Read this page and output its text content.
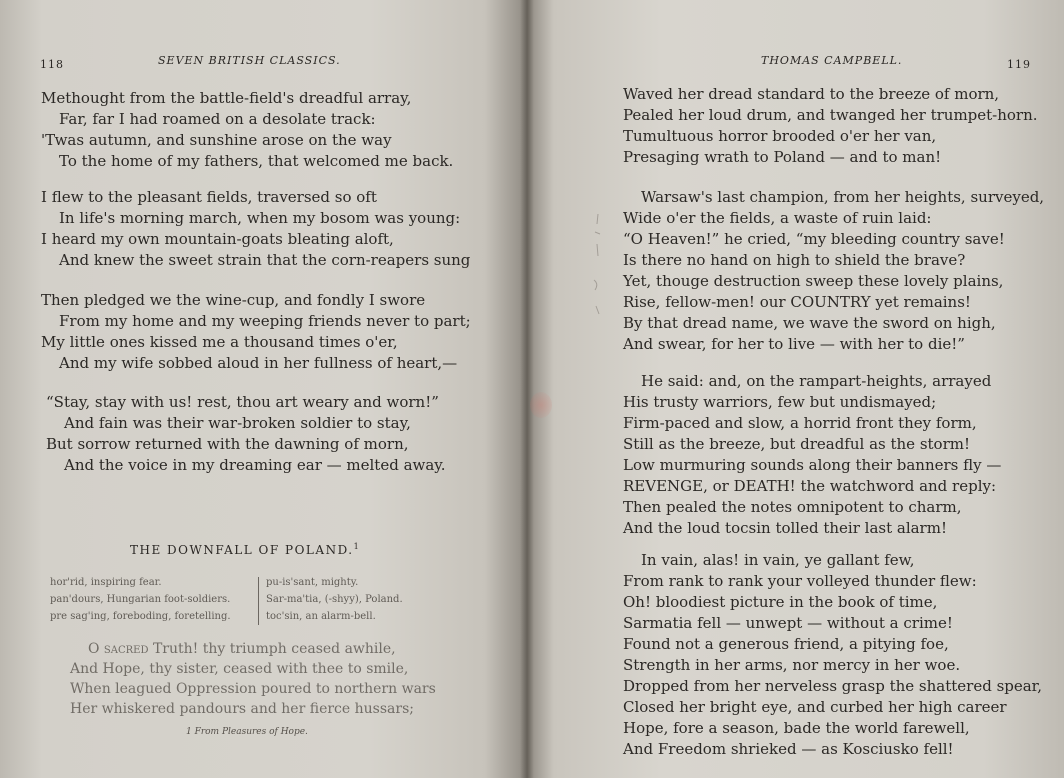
118	SEVEN BRITISH CLASSICS.
Methought from the battle-field's dreadful array,
Far, far I had roamed on a desolate track:
'Twas autumn, and sunshine arose on the way
To the home of my fathers, that welcomed me back.
I flew to the pleasant fields, traversed so oft
In life's morning march, when my bosom was young:
I heard my own mountain-goats bleating aloft,
And knew the sweet strain that the corn-reapers sung
Then pledged we the wine-cup, and fondly I swore
From my home and my weeping friends never to part;
My little ones kissed me a thousand times o'er,
And my wife sobbed aloud in her fullness of heart,—
“Stay, stay with us! rest, thou art weary and worn!”
And fain was their war-broken soldier to stay,
But sorrow returned with the dawning of morn,
And the voice in my dreaming ear — melted away.
THE DOWNFALL OF POLAND.$^1$
hor'rid, inspiring fear.
pan'dours, Hungarian foot-soldiers.
pre sag'ing, foreboding, foretelling.
pu-is'sant, mighty.
Sar-ma'tia, (-shyy), Poland.
toc'sin, an alarm-bell.
O sacred Truth! thy triumph ceased awhile,
And Hope, thy sister, ceased with thee to smile,
When leagued Oppression poured to northern wars
Her whiskered pandours and her fierce hussars;
1 From Pleasures of Hope.
THOMAS CAMPBELL.	119
Waved her dread standard to the breeze of morn,
Pealed her loud drum, and twanged her trumpet-horn.
Tumultuous horror brooded o'er her van,
Presaging wrath to Poland — and to man!
Warsaw's last champion, from her heights, surveyed,
Wide o'er the fields, a waste of ruin laid:
“O Heaven!” he cried, “my bleeding country save!
Is there no hand on high to shield the brave?
Yet, thouge destruction sweep these lovely plains,
Rise, fellow-men! our COUNTRY yet remains!
By that dread name, we wave the sword on high,
And swear, for her to live — with her to die!”
He said: and, on the rampart-heights, arrayed
His trusty warriors, few but undismayed;
Firm-paced and slow, a horrid front they form,
Still as the breeze, but dreadful as the storm!
Low murmuring sounds along their banners fly —
REVENGE, or DEATH! the watchword and reply:
Then pealed the notes omnipotent to charm,
And the loud tocsin tolled their last alarm!
In vain, alas! in vain, ye gallant few,
From rank to rank your volleyed thunder flew:
Oh! bloodiest picture in the book of time,
Sarmatia fell — unwept — without a crime!
Found not a generous friend, a pitying foe,
Strength in her arms, nor mercy in her woe.
Dropped from her nerveless grasp the shattered spear,
Closed her bright eye, and curbed her high career
Hope, fore a season, bade the world farewell,
And Freedom shrieked — as Kosciusko fell!
